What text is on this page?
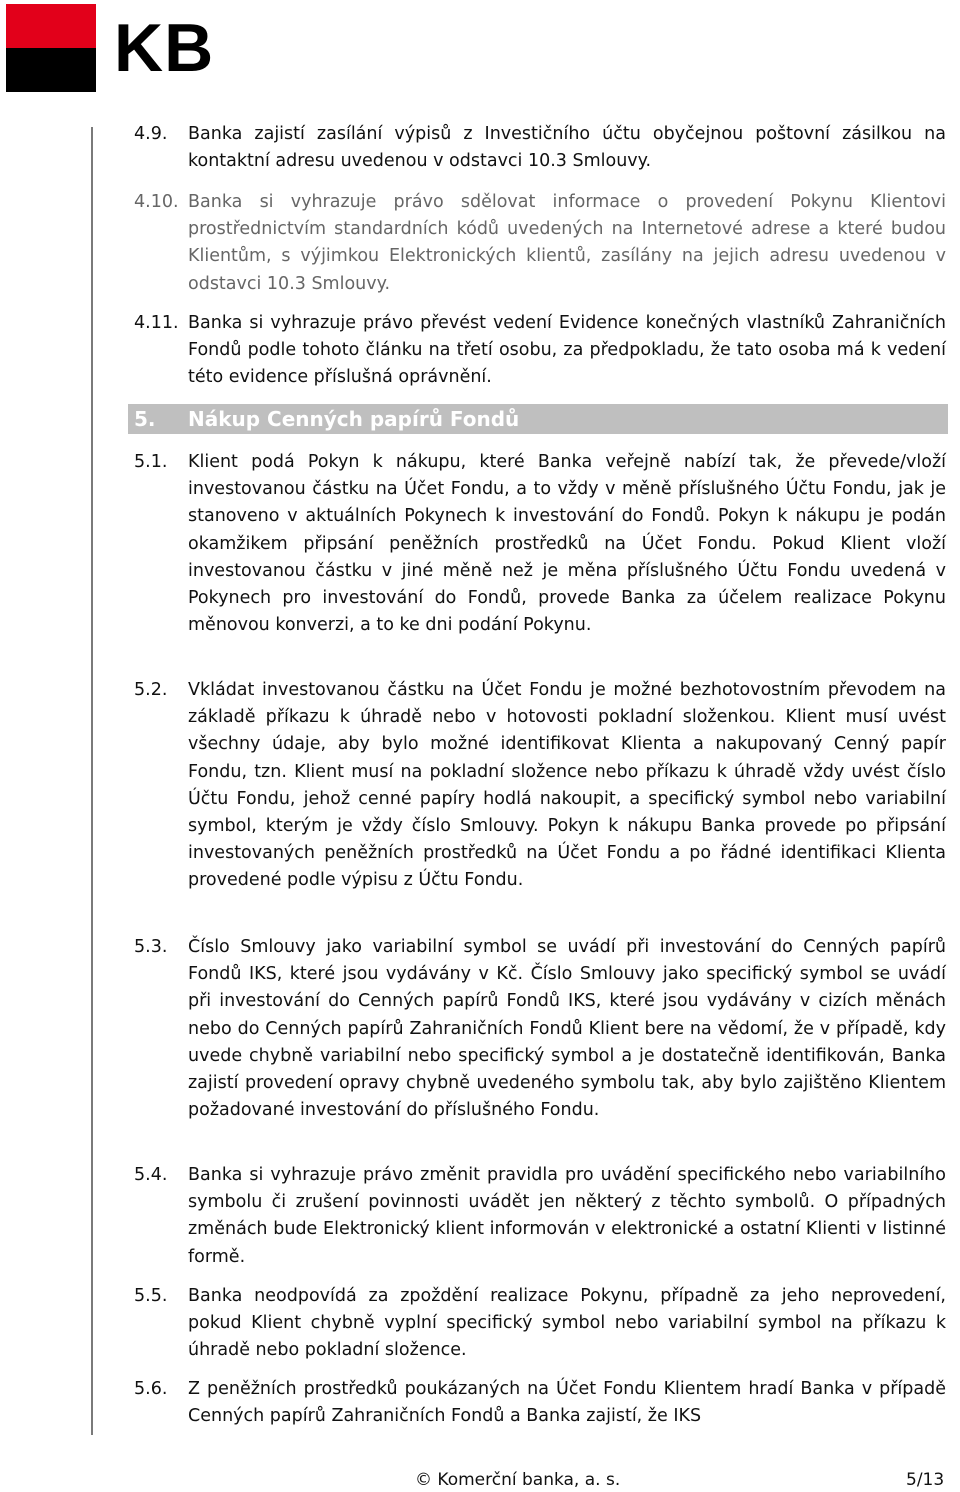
KB
4.9. Banka zajistí zasílání výpisů z Investičního účtu obyčejnou poštovní zásilkou na kontaktní adresu uvedenou v odstavci 10.3 Smlouvy.
4.10. Banka si vyhrazuje právo sdělovat informace o provedení Pokynu Klientovi prostřednictvím standardních kódů uvedených na Internetové adrese a které budou Klientům, s výjimkou Elektronických klientů, zasílány na jejich adresu uvedenou v odstavci 10.3 Smlouvy.
4.11. Banka si vyhrazuje právo převést vedení Evidence konečných vlastníků Zahraničních Fondů podle tohoto článku na třetí osobu, za předpokladu, že tato osoba má k vedení této evidence příslušná oprávnění.
5. Nákup Cenných papírů Fondů
5.1. Klient podá Pokyn k nákupu, které Banka veřejně nabízí tak, že převede/vloží investovanou částku na Účet Fondu, a to vždy v měně příslušného Účtu Fondu, jak je stanoveno v aktuálních Pokynech k investování do Fondů. Pokyn k nákupu je podán okamžikem připsání peněžních prostředků na Účet Fondu. Pokud Klient vloží investovanou částku v jiné měně než je měna příslušného Účtu Fondu uvedená v Pokynech pro investování do Fondů, provede Banka za účelem realizace Pokynu měnovou konverzi, a to ke dni podání Pokynu.
5.2. Vkládat investovanou částku na Účet Fondu je možné bezhotovostním převodem na základě příkazu k úhradě nebo v hotovosti pokladní složenkou. Klient musí uvést všechny údaje, aby bylo možné identifikovat Klienta a nakupovaný Cenný papír Fondu, tzn. Klient musí na pokladní složence nebo příkazu k úhradě vždy uvést číslo Účtu Fondu, jehož cenné papíry hodlá nakoupit, a specifický symbol nebo variabilní symbol, kterým je vždy číslo Smlouvy. Pokyn k nákupu Banka provede po připsání investovaných peněžních prostředků na Účet Fondu a po řádné identifikaci Klienta provedené podle výpisu z Účtu Fondu.
5.3. Číslo Smlouvy jako variabilní symbol se uvádí při investování do Cenných papírů Fondů IKS, které jsou vydávány v Kč. Číslo Smlouvy jako specifický symbol se uvádí při investování do Cenných papírů Fondů IKS, které jsou vydávány v cizích měnách nebo do Cenných papírů Zahraničních Fondů Klient bere na vědomí, že v případě, kdy uvede chybně variabilní nebo specifický symbol a je dostatečně identifikován, Banka zajistí provedení opravy chybně uvedeného symbolu tak, aby bylo zajištěno Klientem požadované investování do příslušného Fondu.
5.4. Banka si vyhrazuje právo změnit pravidla pro uvádění specifického nebo variabilního symbolu či zrušení povinnosti uvádět jen některý z těchto symbolů. O případných změnách bude Elektronický klient informován v elektronické a ostatní Klienti v listinné formě.
5.5. Banka neodpovídá za zpoždění realizace Pokynu, případně za jeho neprovedení, pokud Klient chybně vyplní specifický symbol nebo variabilní symbol na příkazu k úhradě nebo pokladní složence.
5.6. Z peněžních prostředků poukázaných na Účet Fondu Klientem hradí Banka v případě Cenných papírů Zahraničních Fondů a Banka zajistí, že IKS
© Komerční banka, a. s.	5/13
